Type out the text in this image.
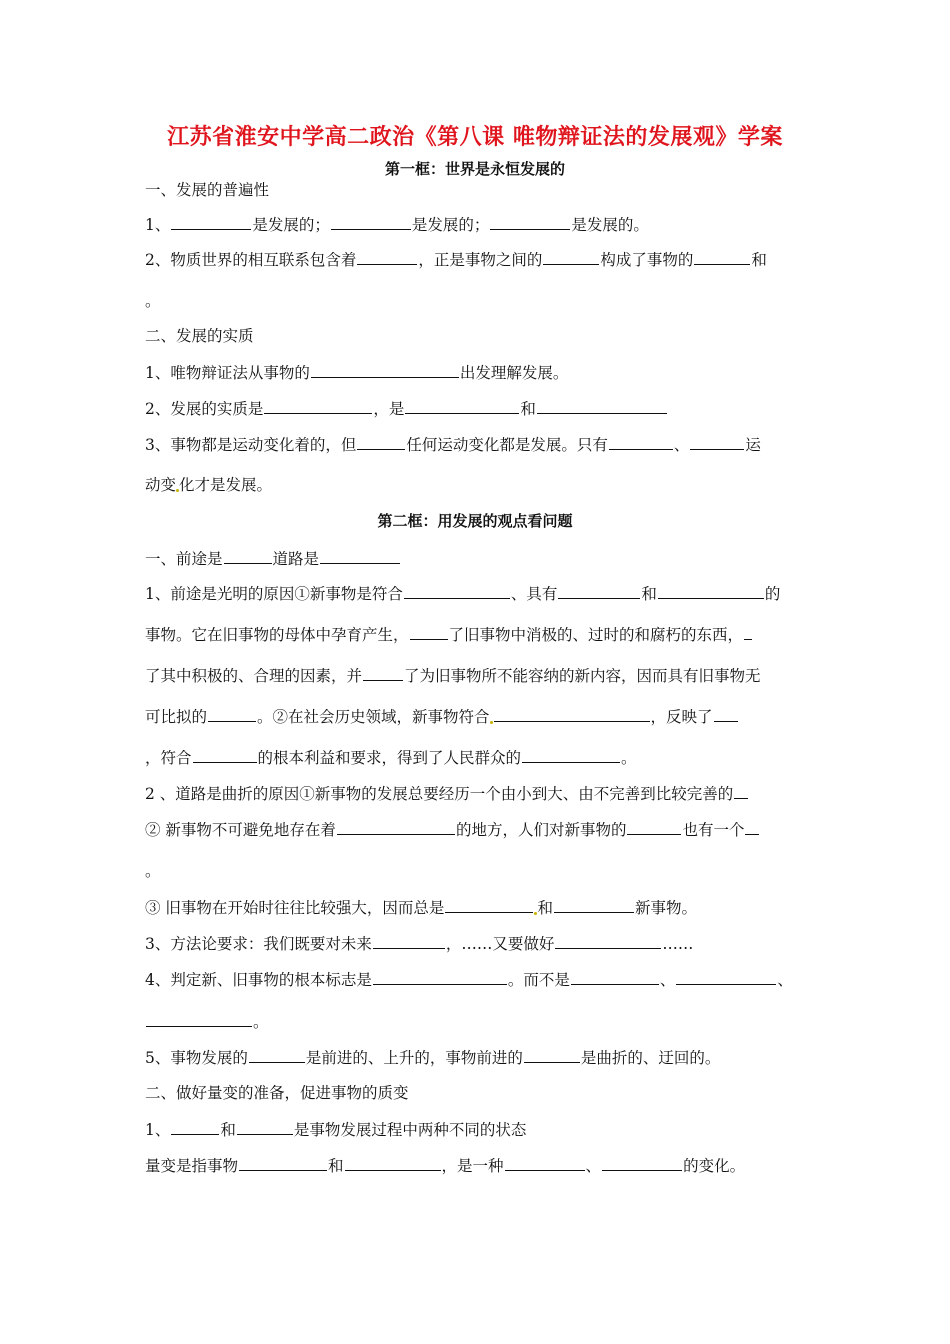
江苏省淮安中学高二政治《第八课 唯物辩证法的发展观》学案
第一框：世界是永恒发展的
一、发展的普遍性
1、	是发展的；	是发展的；	是发展的。
2、物质世界的相互联系包含着	，正是事物之间的	构成了事物的	和
。
二、发展的实质
1、唯物辩证法从事物的	出发理解发展。
2、发展的实质是	，是	和
3、事物都是运动变化着的，但	任何运动变化都是发展。只有	、	运
动变 化才是发展。
第二框：用发展的观点看问题
一、前途是	道路是
1、前途是光明的原因①新事物是符合	、具有	和	的
事物。它在旧事物的母体中孕育产生，	了旧事物中消极的、过时的和腐朽的东西，
了其中积极的、合理的因素，并	了为旧事物所不能容纳的新内容，因而具有旧事物无
可比拟的	。②在社会历史领域，新事物符合	，反映了
，符合	的根本利益和要求，得到了人民群众的	。
2 、道路是曲折的原因①新事物的发展总要经历一个由小到大、由不完善到比较完善的
② 新事物不可避免地存在着	的地方，人们对新事物的	也有一个
。
③ 旧事物在开始时往往比较强大，因而总是	和	新事物。
3、方法论要求：我们既要对未来	，……又要做好	……
4、判定新、旧事物的根本标志是	。而不是	、	、
。
5、事物发展的	是前进的、上升的，事物前进的	是曲折的、迂回的。
二、做好量变的准备，促进事物的质变
1、	和	是事物发展过程中两种不同的状态
量变是指事物	和	，是一种	、	的变化。
